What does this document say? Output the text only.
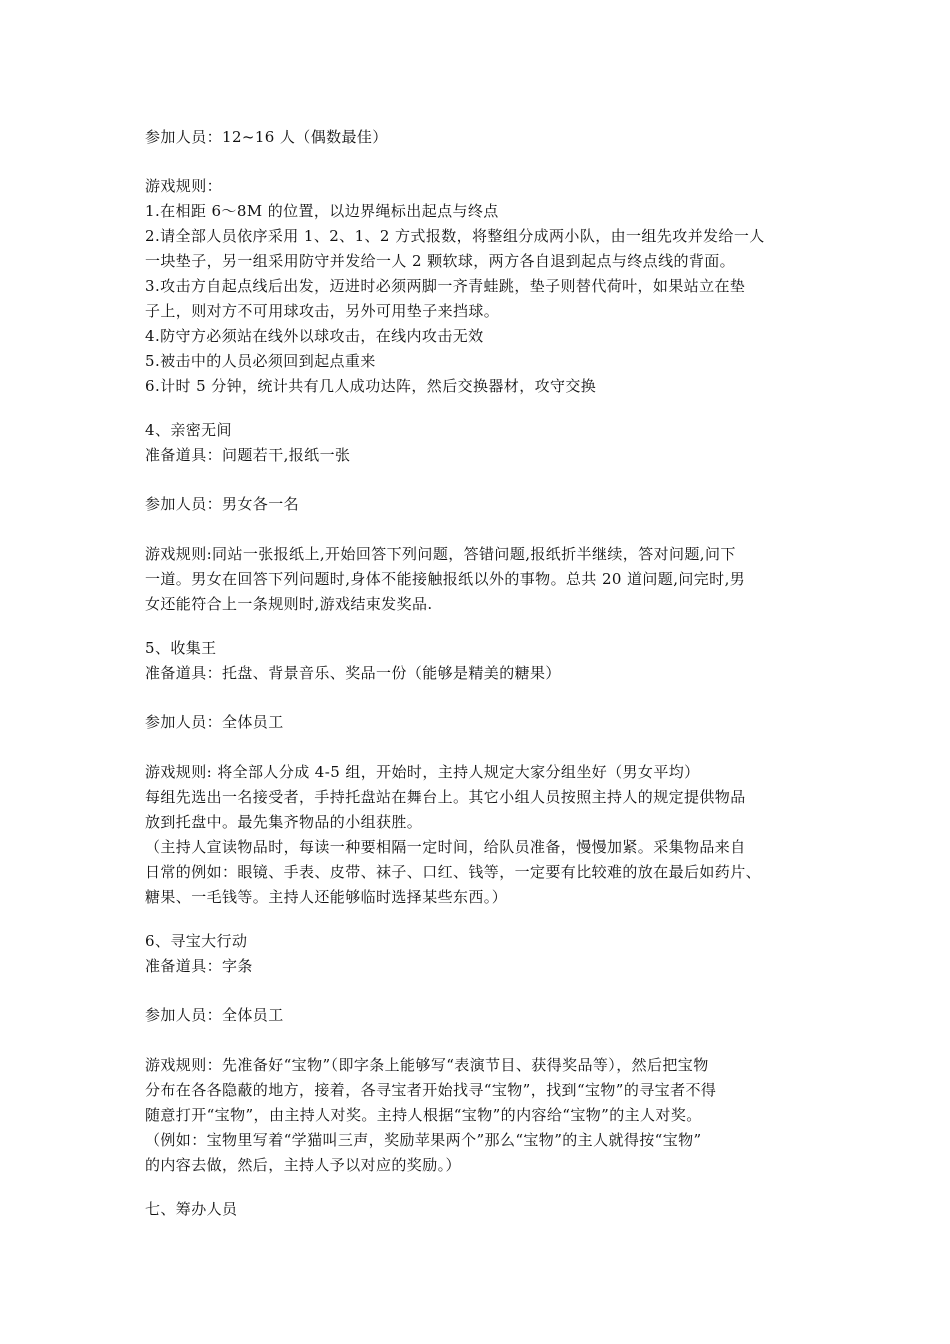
参加人员：12~16 人（偶数最佳）
游戏规则：
1.在相距 6～8M 的位置，以边界绳标出起点与终点
2.请全部人员依序采用 1、2、1、2 方式报数，将整组分成两小队，由一组先攻并发给一人
一块垫子，另一组采用防守并发给一人 2 颗软球，两方各自退到起点与终点线的背面。
3.攻击方自起点线后出发，迈进时必须两脚一齐青蛙跳，垫子则替代荷叶，如果站立在垫
子上，则对方不可用球攻击，另外可用垫子来挡球。
4.防守方必须站在线外以球攻击，在线内攻击无效
5.被击中的人员必须回到起点重来
6.计时 5 分钟，统计共有几人成功达阵，然后交换器材，攻守交换
4、亲密无间
准备道具：问题若干,报纸一张
参加人员：男女各一名
游戏规则:同站一张报纸上,开始回答下列问题，答错问题,报纸折半继续，答对问题,问下
一道。男女在回答下列问题时,身体不能接触报纸以外的事物。总共 20 道问题,问完时,男
女还能符合上一条规则时,游戏结束发奖品.
5、收集王
准备道具：托盘、背景音乐、奖品一份（能够是精美的糖果）
参加人员：全体员工
游戏规则: 将全部人分成 4-5 组，开始时，主持人规定大家分组坐好（男女平均）
每组先选出一名接受者，手持托盘站在舞台上。其它小组人员按照主持人的规定提供物品
放到托盘中。最先集齐物品的小组获胜。
（主持人宣读物品时，每读一种要相隔一定时间，给队员准备，慢慢加紧。采集物品来自
日常的例如：眼镜、手表、皮带、袜子、口红、钱等，一定要有比较难的放在最后如药片、
糖果、一毛钱等。主持人还能够临时选择某些东西。）
6、寻宝大行动
准备道具：字条
参加人员：全体员工
游戏规则：先准备好“宝物”（即字条上能够写“表演节目、获得奖品等），然后把宝物
分布在各各隐蔽的地方，接着，各寻宝者开始找寻“宝物”，找到“宝物”的寻宝者不得
随意打开“宝物”，由主持人对奖。主持人根据“宝物”的内容给“宝物”的主人对奖。
（例如：宝物里写着“学猫叫三声，奖励苹果两个”那么“宝物”的主人就得按“宝物”
的内容去做，然后，主持人予以对应的奖励。）
七、筹办人员
